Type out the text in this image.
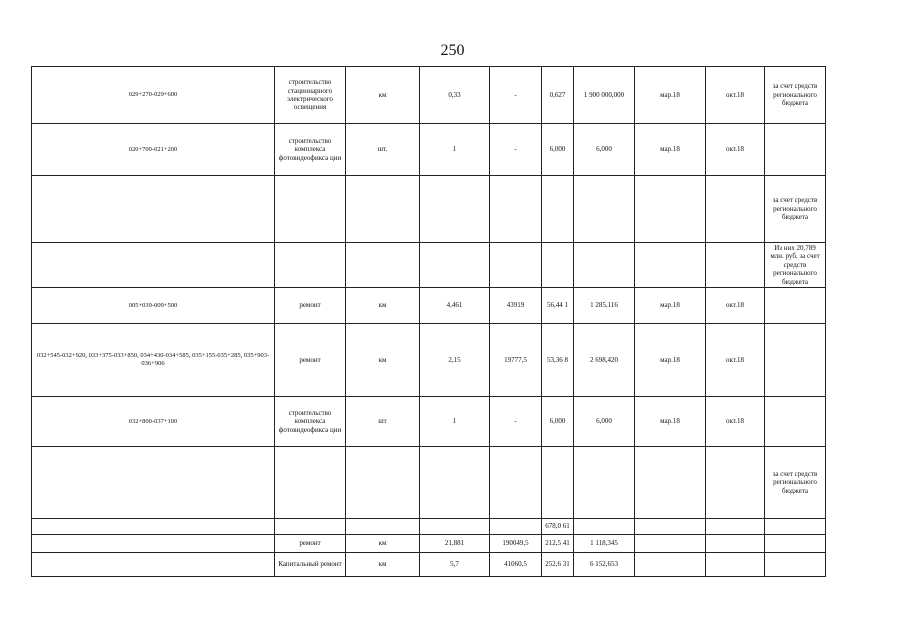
250
029+270-029+600	строительство стационарного электрического освещения	км	0,33	-	0,627	1 900 000,000	мар.18	окт.18	за счет средств регионального бюджета
020+700-021+200	строительство комплекса фотовидеофикса ции	шт.	1	-	6,000	6,000	мар.18	окт.18	
									за счет средств регионального бюджета
									Из них 20,789 млн. руб. за счет средств регионального бюджета
005+039-009+500	ремонт	км	4,461	43919	56,44 1	1 285,116	мар.18	окт.18	
032+545-032+920, 033+375-033+850, 034+430-034+585, 035+155-035+285, 035+903-036+906	ремонт	км	2,15	19777,5	53,36 8	2 698,420	мар.18	окт.18	
032+800-037+100	строительство комплекса фотовидеофикса ции	шт	1	-	6,000	6,000	мар.18	окт.18	
									за счет средств регионального бюджета
					678,0 61				
	ремонт	км	21,881	190049,5	212,5 41	1 118,345			
	Капитальный ремонт	км	5,7	41060,5	252,6 31	6 152,653			
